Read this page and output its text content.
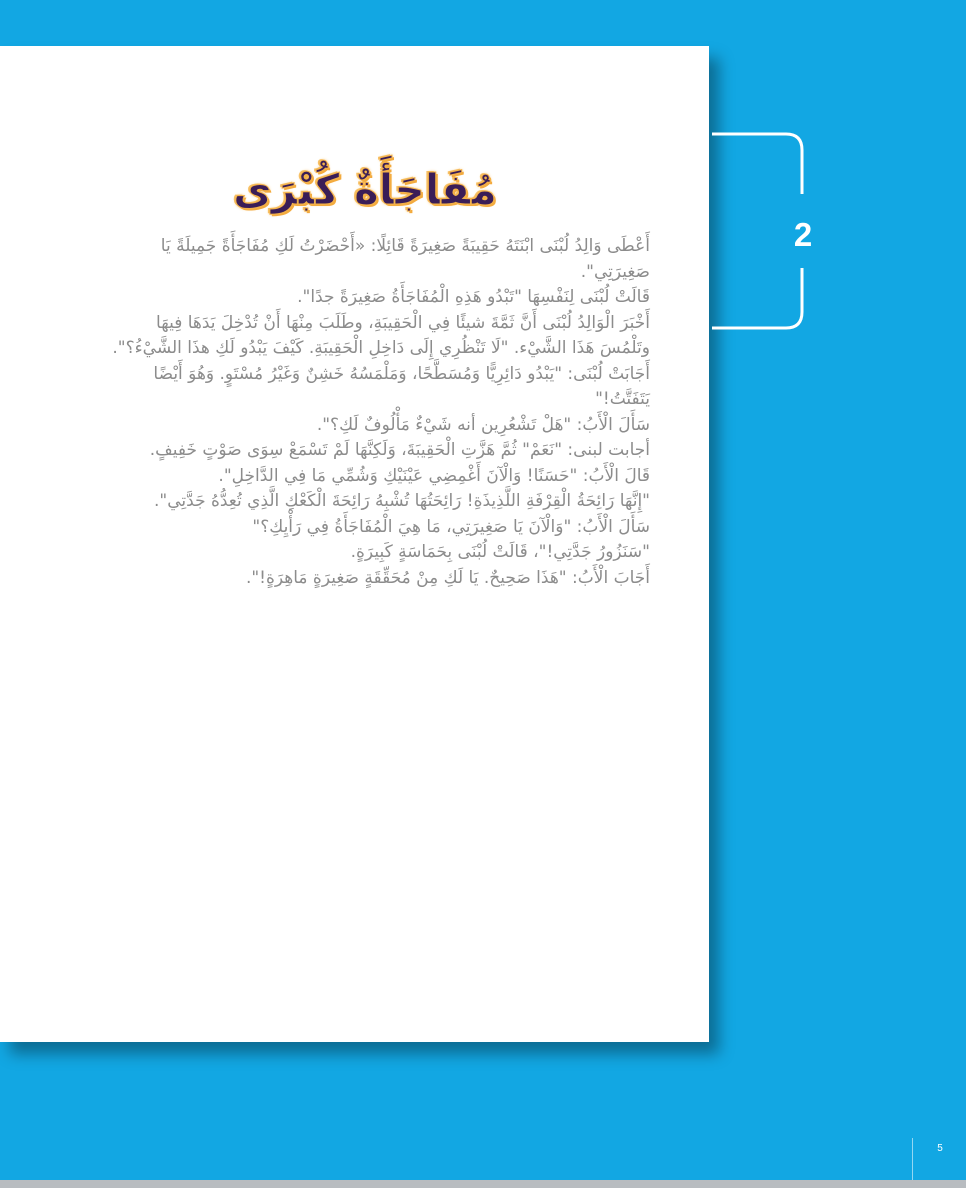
مُفَاجَأَةٌ كُبْرَى

أَعْطَى وَالِدُ لُبْنَى ابْنَتَهُ حَقِيبَةً صَغِيرَةً قَائِلًا: «أَحْضَرْتُ لَكِ مُفَاجَأَةً جَمِيلَةً يَا صَغِيرَتِي".

قَالَتْ لُبْنَى لِنَفْسِهَا "تَبْدُو هَذِهِ الْمُفَاجَأَةُ صَغِيرَةً جدًا".

أَخْبَرَ الْوَالِدُ لُبْنَى أَنَّ ثَمَّةَ شيئًا فِي الْحَقِيبَةِ، وطَلَبَ مِنْهَا أَنْ تُدْخِلَ يَدَهَا فِيهَا وتَلْمُسَ هَذَا الشَّيْء. "لَا تَنْظُرِي إِلَى دَاخِلِ الْحَقِيبَةِ. كَيْفَ يَبْدُو لَكِ هذَا الشَّيْءُ؟".

أَجَابَتْ لُبْنَى: "يَبْدُو دَائِرِيًّا وَمُسَطَّحًا، وَمَلْمَسُهُ خَشِنٌ وَغَيْرُ مُسْتَوٍ. وَهُوَ أَيْضًا يَتَفَتَّتُ!"

سَأَلَ الْأَبُ: "هَلْ تَشْعُرِين أنه شَيْءٌ مَأْلُوفٌ لَكِ؟".

أجابت لبنى: "نَعَمْ" ثُمَّ هَزَّتِ الْحَقِيبَةَ، وَلَكِنَّهَا لَمْ تَسْمَعْ سِوَى صَوْتٍ خَفِيفٍ.

قَالَ الْأَبُ: "حَسَنًا! وَالْآنَ أَغْمِضِي عَيْنَيْكِ وَشُمِّي مَا فِي الدَّاخِلِ".

"إِنَّهَا رَائِحَةُ الْقِرْفَةِ اللَّذِيذَةِ! رَائِحَتُهَا تُشْبِهُ رَائِحَةَ الْكَعْكِ الَّذِي تُعِدُّهُ جَدَّتِي".

سَأَلَ الْأَبُ: "وَالْآنَ يَا صَغِيرَتِي، مَا هِيَ الْمُفَاجَأَةُ فِي رَأْيِكِ؟"

"سَنَزُورُ جَدَّتِي!"، قَالَتْ لُبْنَى بِحَمَاسَةٍ كَبِيرَةٍ.

أَجَابَ الْأَبُ: "هَذَا صَحِيحٌ. يَا لَكِ مِنْ مُحَقِّقَةٍ صَغِيرَةٍ مَاهِرَةٍ!".

2
5
